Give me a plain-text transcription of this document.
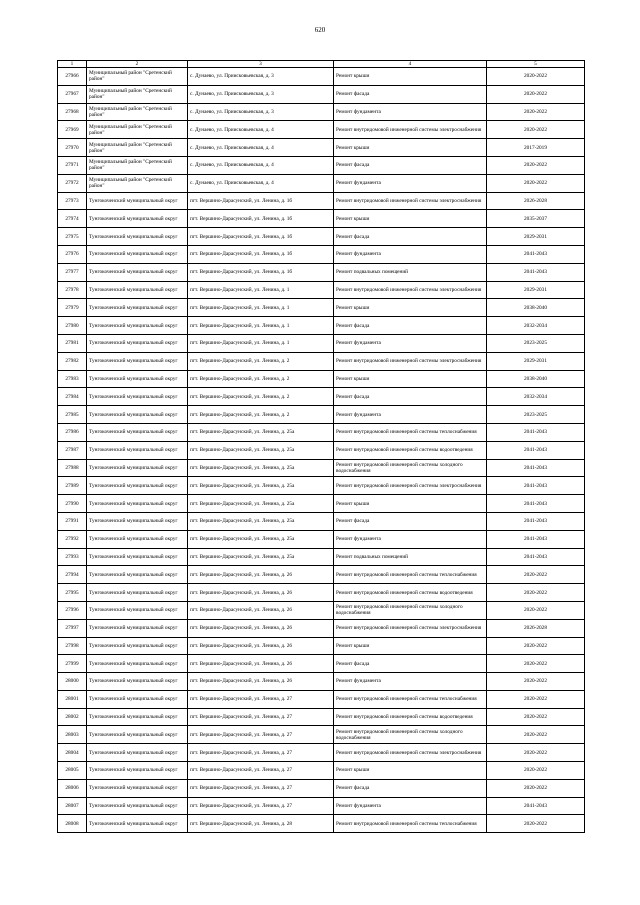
620
1	2	3	4	5
27966	Муниципальный район "Сретенский район"	с. Дунаево, ул. Приисковьевская, д. 3	Ремонт крыши	2020-2022
27967	Муниципальный район "Сретенский район"	с. Дунаево, ул. Приисковьевская, д. 3	Ремонт фасада	2020-2022
27968	Муниципальный район "Сретенский район"	с. Дунаево, ул. Приисковьевская, д. 3	Ремонт фундамента	2020-2022
27969	Муниципальный район "Сретенский район"	с. Дунаево, ул. Приисковьевская, д. 4	Ремонт внутридомовой инженерной системы электроснабжения	2020-2022
27970	Муниципальный район "Сретенский район"	с. Дунаево, ул. Приисковьевская, д. 4	Ремонт крыши	2017-2019
27971	Муниципальный район "Сретенский район"	с. Дунаево, ул. Приисковьевская, д. 4	Ремонт фасада	2020-2022
27972	Муниципальный район "Сретенский район"	с. Дунаево, ул. Приисковьевская, д. 4	Ремонт фундамента	2020-2022
27973	Тунгокоченский муниципальный округ	пгт. Вершино-Дарасунский, ул. Ленина, д. 1б	Ремонт внутридомовой инженерной системы электроснабжения	2026-2028
27974	Тунгокоченский муниципальный округ	пгт. Вершино-Дарасунский, ул. Ленина, д. 1б	Ремонт крыши	2035-2037
27975	Тунгокоченский муниципальный округ	пгт. Вершино-Дарасунский, ул. Ленина, д. 1б	Ремонт фасада	2029-2031
27976	Тунгокоченский муниципальный округ	пгт. Вершино-Дарасунский, ул. Ленина, д. 1б	Ремонт фундамента	2041-2043
27977	Тунгокоченский муниципальный округ	пгт. Вершино-Дарасунский, ул. Ленина, д. 1б	Ремонт подвальных помещений	2041-2043
27978	Тунгокоченский муниципальный округ	пгт. Вершино-Дарасунский, ул. Ленина, д. 1	Ремонт внутридомовой инженерной системы электроснабжения	2029-2031
27979	Тунгокоченский муниципальный округ	пгт. Вершино-Дарасунский, ул. Ленина, д. 1	Ремонт крыши	2038-2040
27980	Тунгокоченский муниципальный округ	пгт. Вершино-Дарасунский, ул. Ленина, д. 1	Ремонт фасада	2032-2034
27981	Тунгокоченский муниципальный округ	пгт. Вершино-Дарасунский, ул. Ленина, д. 1	Ремонт фундамента	2023-2025
27982	Тунгокоченский муниципальный округ	пгт. Вершино-Дарасунский, ул. Ленина, д. 2	Ремонт внутридомовой инженерной системы электроснабжения	2029-2031
27983	Тунгокоченский муниципальный округ	пгт. Вершино-Дарасунский, ул. Ленина, д. 2	Ремонт крыши	2038-2040
27984	Тунгокоченский муниципальный округ	пгт. Вершино-Дарасунский, ул. Ленина, д. 2	Ремонт фасада	2032-2034
27985	Тунгокоченский муниципальный округ	пгт. Вершино-Дарасунский, ул. Ленина, д. 2	Ремонт фундамента	2023-2025
27986	Тунгокоченский муниципальный округ	пгт. Вершино-Дарасунский, ул. Ленина, д. 25а	Ремонт внутридомовой инженерной системы теплоснабжения	2041-2043
27987	Тунгокоченский муниципальный округ	пгт. Вершино-Дарасунский, ул. Ленина, д. 25а	Ремонт внутридомовой инженерной системы водоотведения	2041-2043
27988	Тунгокоченский муниципальный округ	пгт. Вершино-Дарасунский, ул. Ленина, д. 25а	Ремонт внутридомовой инженерной системы холодного водоснабжения	2041-2043
27989	Тунгокоченский муниципальный округ	пгт. Вершино-Дарасунский, ул. Ленина, д. 25а	Ремонт внутридомовой инженерной системы электроснабжения	2041-2043
27990	Тунгокоченский муниципальный округ	пгт. Вершино-Дарасунский, ул. Ленина, д. 25а	Ремонт крыши	2041-2043
27991	Тунгокоченский муниципальный округ	пгт. Вершино-Дарасунский, ул. Ленина, д. 25а	Ремонт фасада	2041-2043
27992	Тунгокоченский муниципальный округ	пгт. Вершино-Дарасунский, ул. Ленина, д. 25а	Ремонт фундамента	2041-2043
27993	Тунгокоченский муниципальный округ	пгт. Вершино-Дарасунский, ул. Ленина, д. 25а	Ремонт подвальных помещений	2041-2043
27994	Тунгокоченский муниципальный округ	пгт. Вершино-Дарасунский, ул. Ленина, д. 26	Ремонт внутридомовой инженерной системы теплоснабжения	2020-2022
27995	Тунгокоченский муниципальный округ	пгт. Вершино-Дарасунский, ул. Ленина, д. 26	Ремонт внутридомовой инженерной системы водоотведения	2020-2022
27996	Тунгокоченский муниципальный округ	пгт. Вершино-Дарасунский, ул. Ленина, д. 26	Ремонт внутридомовой инженерной системы холодного водоснабжения	2020-2022
27997	Тунгокоченский муниципальный округ	пгт. Вершино-Дарасунский, ул. Ленина, д. 26	Ремонт внутридомовой инженерной системы электроснабжения	2026-2028
27998	Тунгокоченский муниципальный округ	пгт. Вершино-Дарасунский, ул. Ленина, д. 26	Ремонт крыши	2020-2022
27999	Тунгокоченский муниципальный округ	пгт. Вершино-Дарасунский, ул. Ленина, д. 26	Ремонт фасада	2020-2022
28000	Тунгокоченский муниципальный округ	пгт. Вершино-Дарасунский, ул. Ленина, д. 26	Ремонт фундамента	2020-2022
28001	Тунгокоченский муниципальный округ	пгт. Вершино-Дарасунский, ул. Ленина, д. 27	Ремонт внутридомовой инженерной системы теплоснабжения	2020-2022
28002	Тунгокоченский муниципальный округ	пгт. Вершино-Дарасунский, ул. Ленина, д. 27	Ремонт внутридомовой инженерной системы водоотведения	2020-2022
28003	Тунгокоченский муниципальный округ	пгт. Вершино-Дарасунский, ул. Ленина, д. 27	Ремонт внутридомовой инженерной системы холодного водоснабжения	2020-2022
28004	Тунгокоченский муниципальный округ	пгт. Вершино-Дарасунский, ул. Ленина, д. 27	Ремонт внутридомовой инженерной системы электроснабжения	2020-2022
28005	Тунгокоченский муниципальный округ	пгт. Вершино-Дарасунский, ул. Ленина, д. 27	Ремонт крыши	2020-2022
28006	Тунгокоченский муниципальный округ	пгт. Вершино-Дарасунский, ул. Ленина, д. 27	Ремонт фасада	2020-2022
28007	Тунгокоченский муниципальный округ	пгт. Вершино-Дарасунский, ул. Ленина, д. 27	Ремонт фундамента	2041-2043
28008	Тунгокоченский муниципальный округ	пгт. Вершино-Дарасунский, ул. Ленина, д. 28	Ремонт внутридомовой инженерной системы теплоснабжения	2020-2022
